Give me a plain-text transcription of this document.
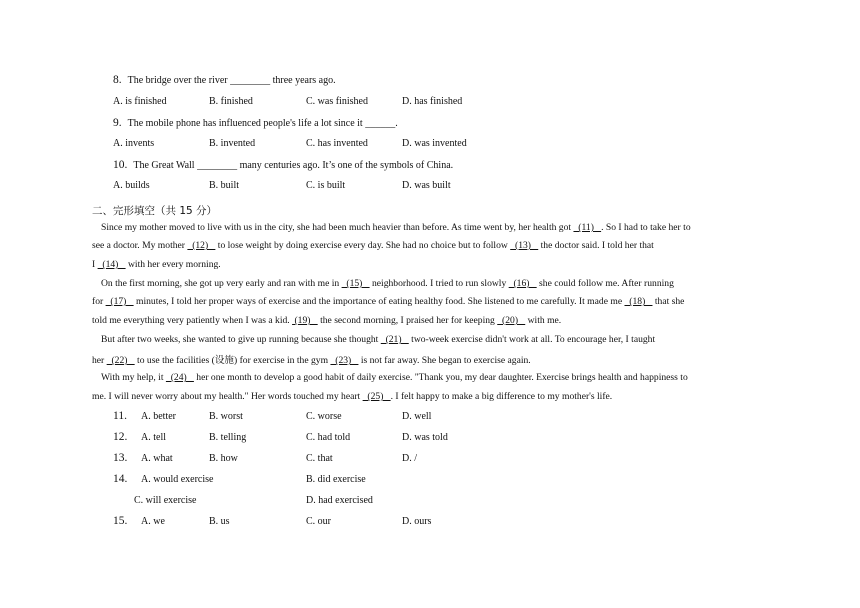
8. The bridge over the river ________ three years ago.
A. is finished	B. finished	C. was finished	D. has finished
9. The mobile phone has influenced people's life a lot since it ______.
A. invents	B. invented	C. has invented	D. was invented
10. The Great Wall ________ many centuries ago. It’s one of the symbols of China.
A. builds	B. built	C. is built	D. was built
二、完形填空（共 15 分）
Since my mother moved to live with us in the city, she had been much heavier than before. As time went by, her health got   (11)   . So I had to take her to
see a doctor. My mother   (12)    to lose weight by doing exercise every day. She had no choice but to follow   (13)    the doctor said. I told her that
I   (14)    with her every morning.
On the first morning, she got up very early and ran with me in   (15)    neighborhood. I tried to run slowly   (16)    she could follow me. After running
for   (17)    minutes, I told her proper ways of exercise and the importance of eating healthy food. She listened to me carefully. It made me   (18)    that she
told me everything very patiently when I was a kid.  (19)    the second morning, I praised her for keeping   (20)    with me.
But after two weeks, she wanted to give up running because she thought   (21)    two-week exercise didn't work at all. To encourage her, I taught
her   (22)    to use the facilities (设施) for exercise in the gym   (23)    is not far away. She began to exercise again.
With my help, it   (24)    her one month to develop a good habit of daily exercise. "Thank you, my dear daughter. Exercise brings health and happiness to
me. I will never worry about my health." Her words touched my heart   (25)   . I felt happy to make a big difference to my mother's life.
11. A. better	B. worst	C. worse	D. well
12. A. tell	B. telling	C. had told	D. was told
13. A. what	B. how	C. that	D. /
14. A. would exercise	B. did exercise
C. will exercise	D. had exercised
15. A. we	B. us	C. our	D. ours
